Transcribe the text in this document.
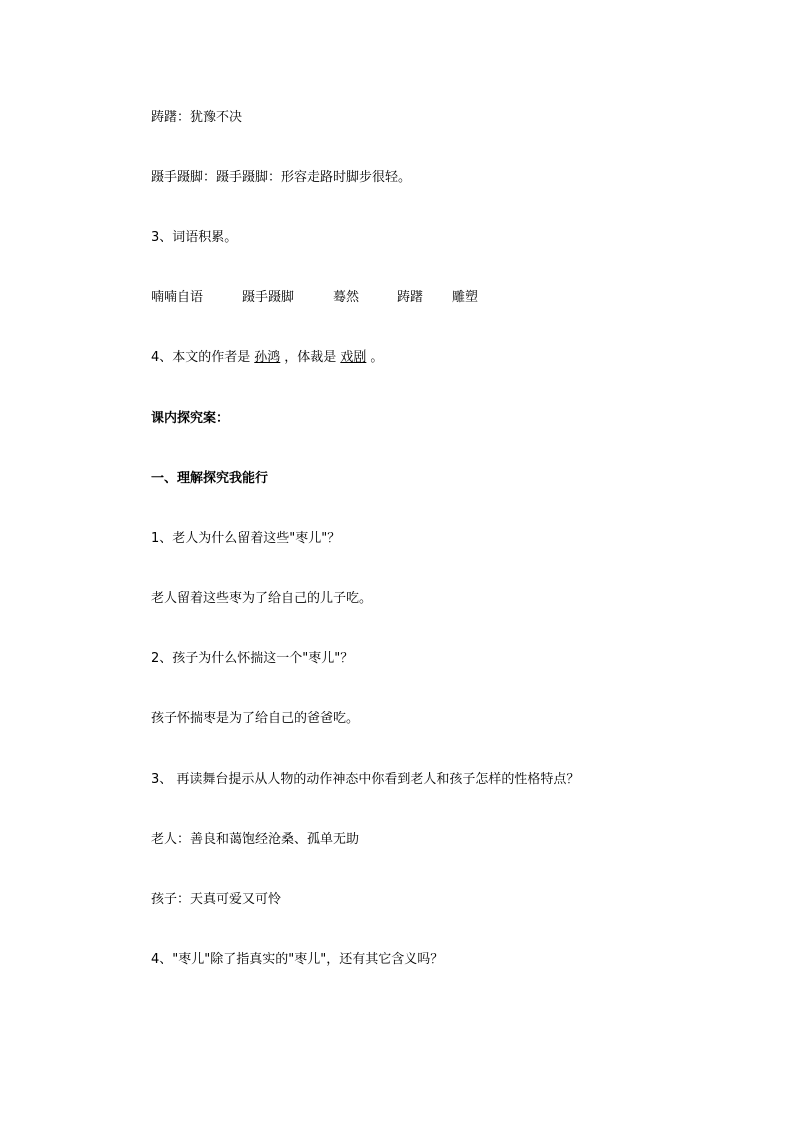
踌躇：犹豫不决
蹑手蹑脚：蹑手蹑脚：形容走路时脚步很轻。
3、词语积累。
喃喃自语	蹑手蹑脚	蓦然	踌躇 雕塑
4、本文的作者是 孙鸿 ，体裁是 戏剧 。
课内探究案：
一、理解探究我能行
1、老人为什么留着这些"枣儿"？
老人留着这些枣为了给自己的儿子吃。
2、孩子为什么怀揣这一个"枣儿"？
孩子怀揣枣是为了给自己的爸爸吃。
3、 再读舞台提示从人物的动作神态中你看到老人和孩子怎样的性格特点？
老人：善良和蔼饱经沧桑、孤单无助
孩子：天真可爱又可怜
4、"枣儿"除了指真实的"枣儿"，还有其它含义吗？
